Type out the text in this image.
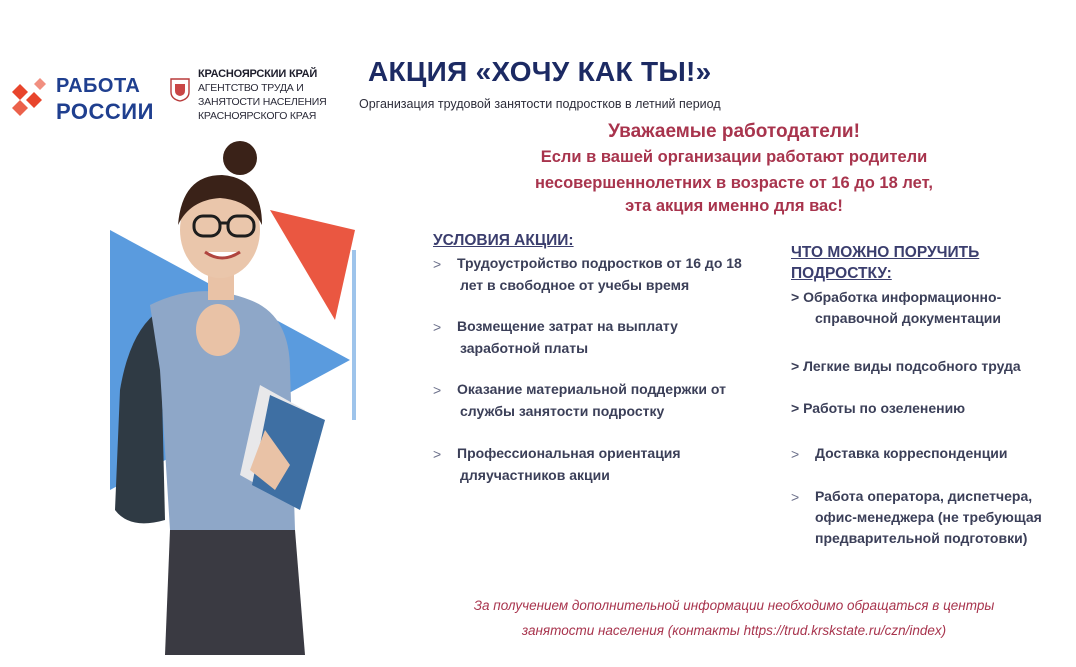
РАБОТА
РОССИИ
КРАСНОЯРСКИИ КРАЙ
АГЕНТСТВО ТРУДА И
ЗАНЯТОСТИ НАСЕЛЕНИЯ
КРАСНОЯРСКОГО КРАЯ
АКЦИЯ «ХОЧУ КАК ТЫ!»
Организация трудовой занятости подростков в летний период
Уважаемые работодатели!
Если в вашей организации работают родители
несовершеннолетних в возрасте от 16 до 18 лет,
эта акция именно для вас!
УСЛОВИЯ АКЦИИ:
> Трудоустройство подростков от 16 до 18
лет в свободное от учебы время
> Возмещение затрат на выплату
заработной платы
> Оказание материальной поддержки от
службы занятости подростку
> Профессиональная ориентация
дляучастников акции
ЧТО МОЖНО ПОРУЧИТЬ
ПОДРОСТКУ:
> Обработка информационно-
справочной документации
> Легкие виды подсобного труда
> Работы по озеленению
> Доставка корреспонденции
> Работа оператора, диспетчера,
офис-менеджера (не требующая
предварительной подготовки)
За получением дополнительной информации необходимо обращаться в центры
занятости населения (контакты https://trud.krskstate.ru/czn/index)
